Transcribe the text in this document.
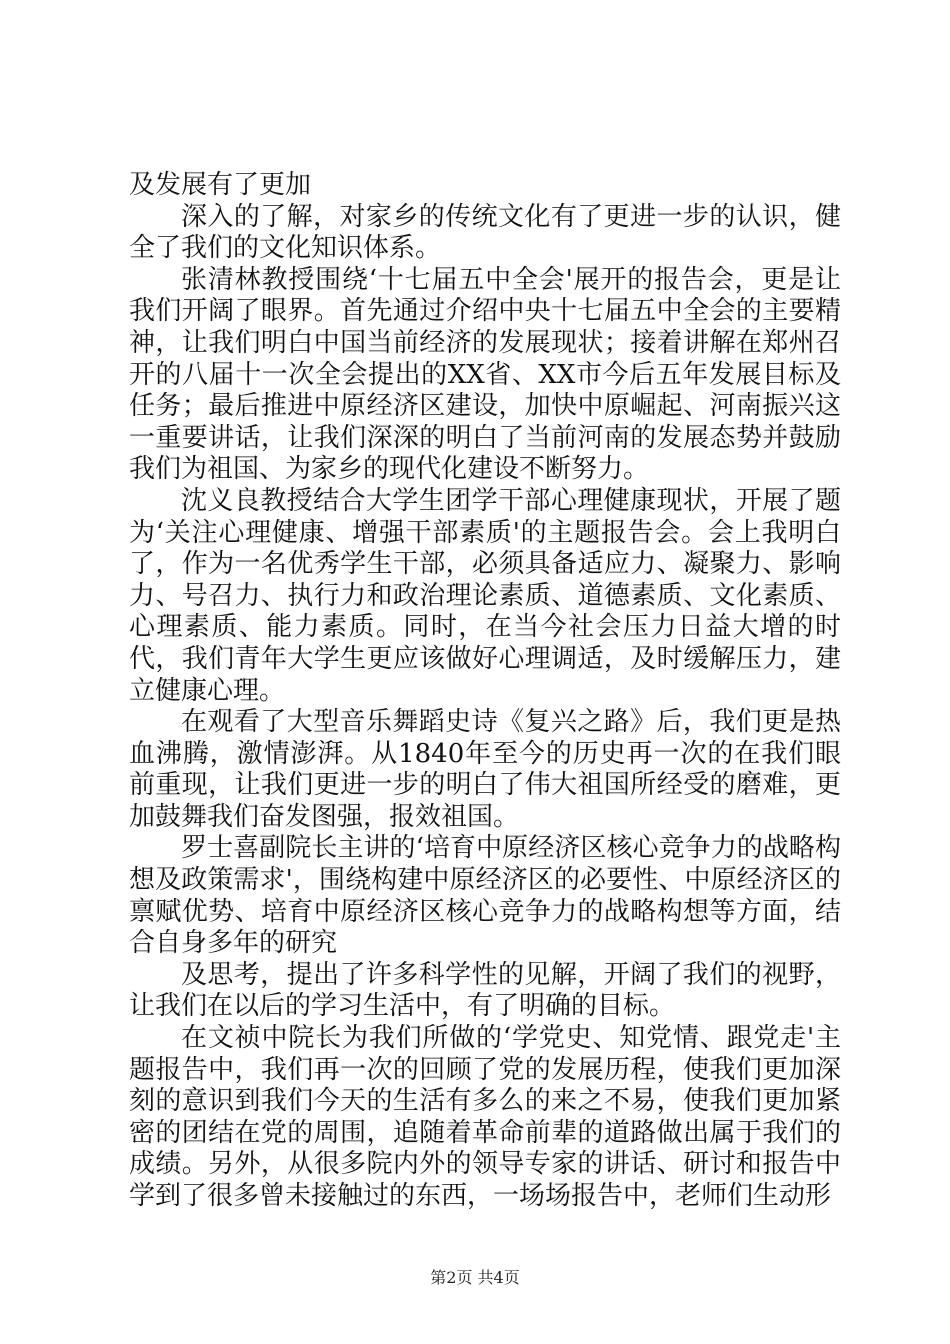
及发展有了更加

深入的了解，对家乡的传统文化有了更进一步的认识，健全了我们的文化知识体系。

张清林教授围绕‘十七届五中全会'展开的报告会，更是让我们开阔了眼界。首先通过介绍中央十七届五中全会的主要精神，让我们明白中国当前经济的发展现状；接着讲解在郑州召开的八届十一次全会提出的XX省、XX市今后五年发展目标及任务；最后推进中原经济区建设，加快中原崛起、河南振兴这一重要讲话，让我们深深的明白了当前河南的发展态势并鼓励我们为祖国、为家乡的现代化建设不断努力。

沈义良教授结合大学生团学干部心理健康现状，开展了题为‘关注心理健康、增强干部素质'的主题报告会。会上我明白了，作为一名优秀学生干部，必须具备适应力、凝聚力、影响力、号召力、执行力和政治理论素质、道德素质、文化素质、心理素质、能力素质。同时，在当今社会压力日益大增的时代，我们青年大学生更应该做好心理调适，及时缓解压力，建立健康心理。

在观看了大型音乐舞蹈史诗《复兴之路》后，我们更是热血沸腾，激情澎湃。从1840年至今的历史再一次的在我们眼前重现，让我们更进一步的明白了伟大祖国所经受的磨难，更加鼓舞我们奋发图强，报效祖国。

罗士喜副院长主讲的‘培育中原经济区核心竞争力的战略构想及政策需求'，围绕构建中原经济区的必要性、中原经济区的禀赋优势、培育中原经济区核心竞争力的战略构想等方面，结合自身多年的研究

及思考，提出了许多科学性的见解，开阔了我们的视野，让我们在以后的学习生活中，有了明确的目标。

在文祯中院长为我们所做的‘学党史、知党情、跟党走'主题报告中，我们再一次的回顾了党的发展历程，使我们更加深刻的意识到我们今天的生活有多么的来之不易，使我们更加紧密的团结在党的周围，追随着革命前辈的道路做出属于我们的成绩。另外，从很多院内外的领导专家的讲话、研讨和报告中学到了很多曾未接触过的东西，一场场报告中，老师们生动形

第2页 共4页
